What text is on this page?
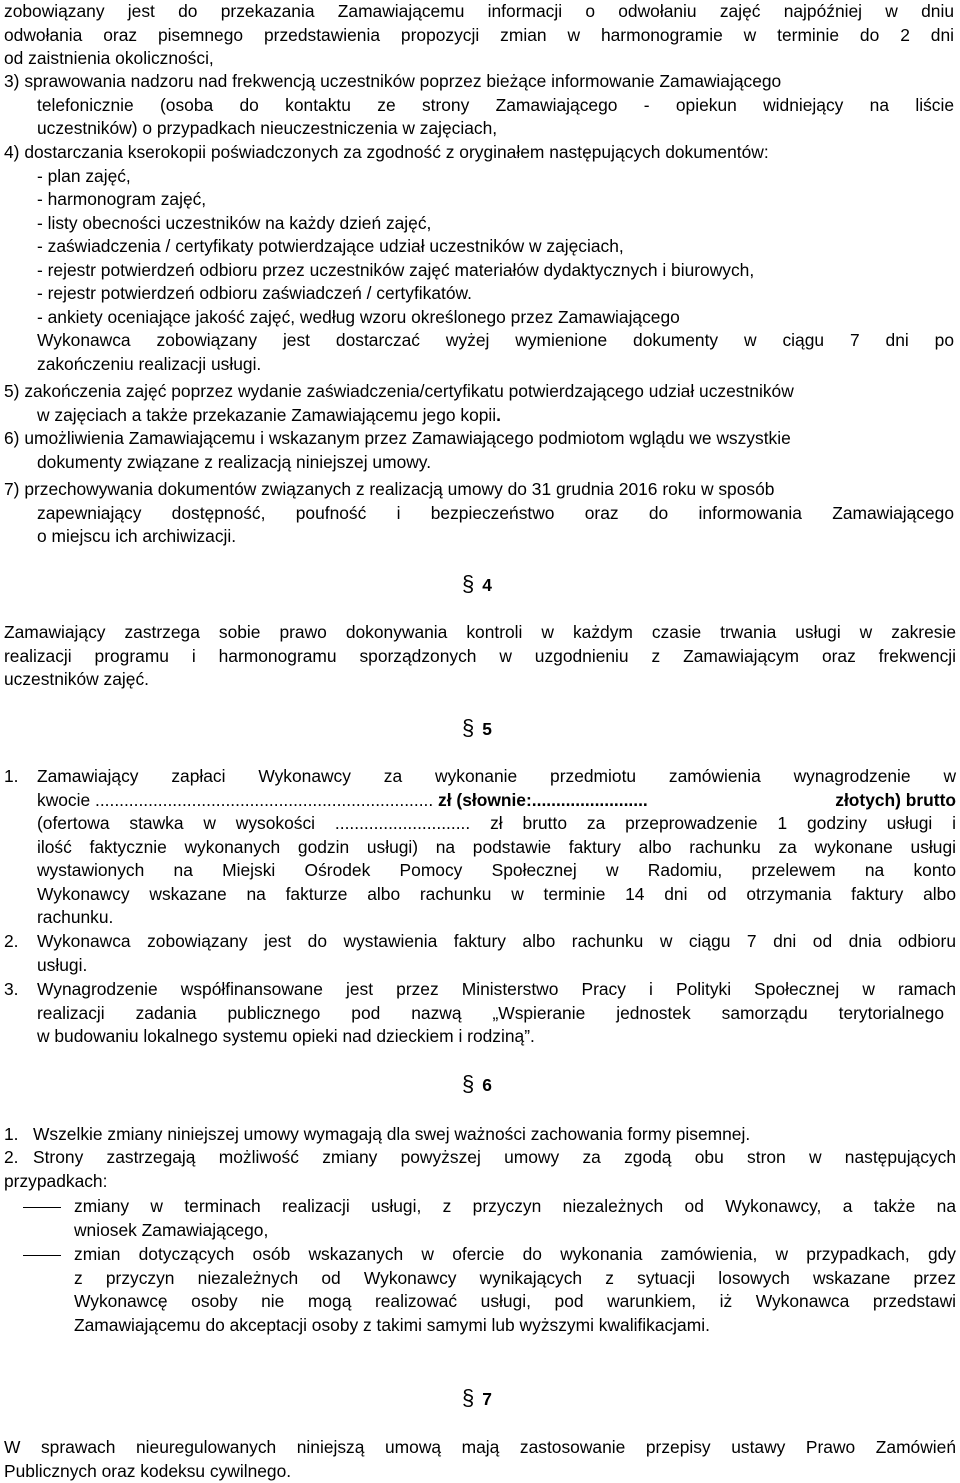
zobowiązany jest do przekazania Zamawiającemu informacji o odwołaniu zajęć najpóźniej w dniu

odwołania oraz pisemnego przedstawienia propozycji zmian w harmonogramie w terminie do 2 dni

od zaistnienia okoliczności,

3) sprawowania nadzoru nad frekwencją uczestników poprzez bieżące informowanie Zamawiającego

telefonicznie (osoba do kontaktu ze strony Zamawiającego - opiekun widniejący na liście

uczestników) o przypadkach nieuczestniczenia w zajęciach,

4) dostarczania kserokopii poświadczonych za zgodność z oryginałem następujących dokumentów:

- plan zajęć,

- harmonogram zajęć,

- listy obecności uczestników na każdy dzień zajęć,

- zaświadczenia / certyfikaty potwierdzające udział uczestników w zajęciach,

- rejestr potwierdzeń odbioru przez uczestników zajęć materiałów dydaktycznych i biurowych,

- rejestr potwierdzeń odbioru zaświadczeń / certyfikatów.

- ankiety oceniające jakość zajęć, według wzoru określonego przez Zamawiającego

Wykonawca zobowiązany jest dostarczać wyżej wymienione dokumenty w ciągu 7 dni po

zakończeniu realizacji usługi.

5) zakończenia zajęć poprzez wydanie zaświadczenia/certyfikatu potwierdzającego udział uczestników

w zajęciach a także przekazanie Zamawiającemu jego kopii.

6) umożliwienia Zamawiającemu i wskazanym przez Zamawiającego podmiotom wglądu we wszystkie

dokumenty związane z realizacją niniejszej umowy.

7) przechowywania dokumentów związanych z realizacją umowy do 31 grudnia 2016 roku w sposób

zapewniający dostępność, poufność i bezpieczeństwo oraz do informowania Zamawiającego

o miejscu ich archiwizacji.

§ 4

Zamawiający zastrzega sobie prawo dokonywania kontroli w każdym czasie trwania usługi w zakresie

realizacji programu i harmonogramu sporządzonych w uzgodnieniu z Zamawiającym oraz frekwencji

uczestników zajęć.

§ 5

1. Zamawiający zapłaci Wykonawcy za wykonanie przedmiotu zamówienia wynagrodzenie w

kwocie ...................................................................... zł (słownie:........................	złotych) brutto

(ofertowa stawka w wysokości ............................ zł brutto za przeprowadzenie 1 godziny usługi i

ilość faktycznie wykonanych godzin usługi) na podstawie faktury albo rachunku za wykonane usługi

wystawionych na Miejski Ośrodek Pomocy Społecznej w Radomiu, przelewem na konto

Wykonawcy wskazane na fakturze albo rachunku w terminie 14 dni od otrzymania faktury albo

rachunku.

2. Wykonawca zobowiązany jest do wystawienia faktury albo rachunku w ciągu 7 dni od dnia odbioru

usługi.

3. Wynagrodzenie współfinansowane jest przez Ministerstwo Pracy i Polityki Społecznej w ramach

realizacji zadania publicznego pod nazwą „Wspieranie jednostek samorządu terytorialnego

w budowaniu lokalnego systemu opieki nad dzieckiem i rodziną”.

§ 6

1. Wszelkie zmiany niniejszej umowy wymagają dla swej ważności zachowania formy pisemnej.

2. Strony zastrzegają możliwość zmiany powyższej umowy za zgodą obu stron w następujących

przypadkach:

zmiany w terminach realizacji usługi, z przyczyn niezależnych od Wykonawcy, a także na

wniosek Zamawiającego,

zmian dotyczących osób wskazanych w ofercie do wykonania zamówienia, w przypadkach, gdy

z przyczyn niezależnych od Wykonawcy wynikających z sytuacji losowych wskazane przez

Wykonawcę osoby nie mogą realizować usługi, pod warunkiem, iż Wykonawca przedstawi

Zamawiającemu do akceptacji osoby z takimi samymi lub wyższymi kwalifikacjami.

§ 7

W sprawach nieuregulowanych niniejszą umową mają zastosowanie przepisy ustawy Prawo Zamówień

Publicznych oraz kodeksu cywilnego.
